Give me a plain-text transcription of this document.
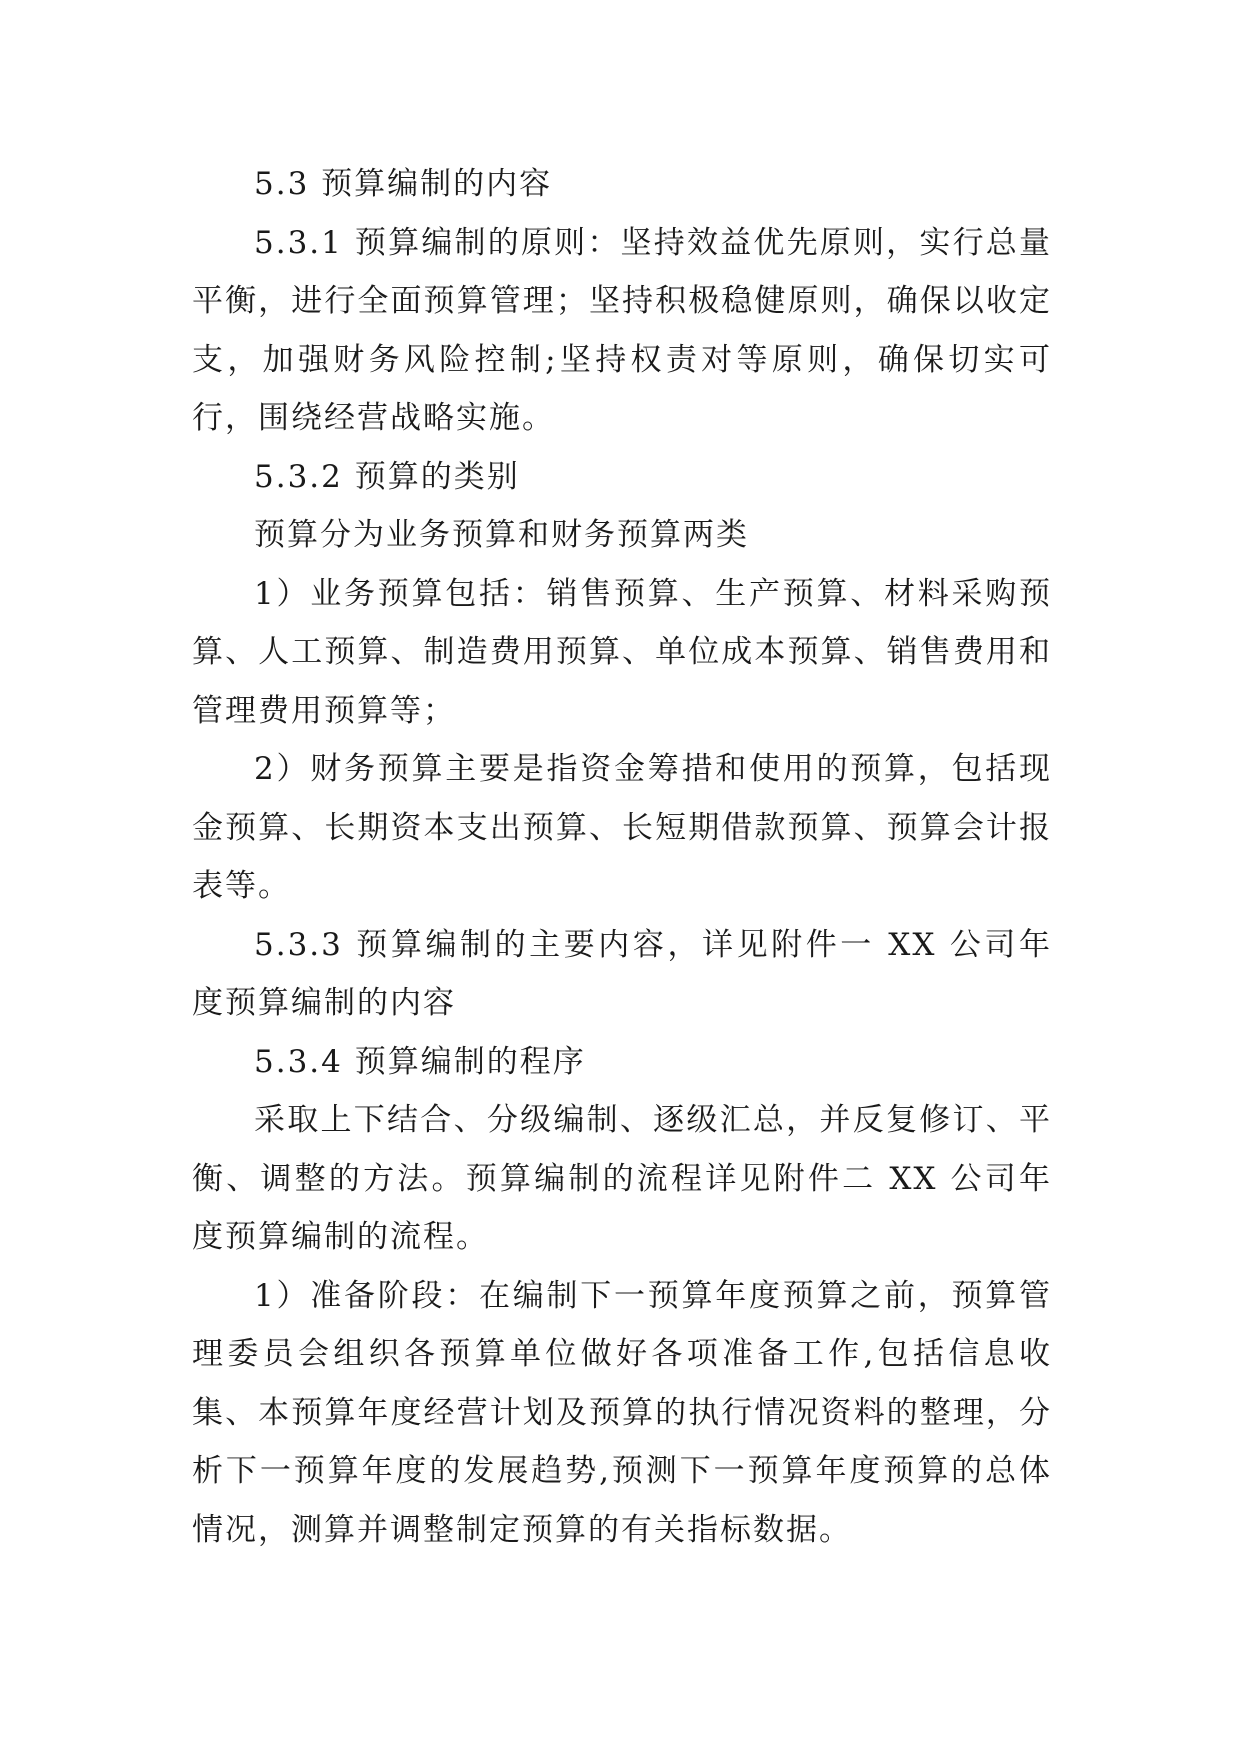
5.3 预算编制的内容

5.3.1 预算编制的原则：坚持效益优先原则，实行总量平衡，进行全面预算管理；坚持积极稳健原则，确保以收定支，加强财务风险控制;坚持权责对等原则，确保切实可行，围绕经营战略实施。

5.3.2 预算的类别

预算分为业务预算和财务预算两类

1）业务预算包括：销售预算、生产预算、材料采购预算、人工预算、制造费用预算、单位成本预算、销售费用和管理费用预算等；

2）财务预算主要是指资金筹措和使用的预算，包括现金预算、长期资本支出预算、长短期借款预算、预算会计报表等。

5.3.3 预算编制的主要内容，详见附件一 XX 公司年度预算编制的内容

5.3.4 预算编制的程序

采取上下结合、分级编制、逐级汇总，并反复修订、平衡、调整的方法。预算编制的流程详见附件二 XX 公司年度预算编制的流程。

1）准备阶段：在编制下一预算年度预算之前，预算管理委员会组织各预算单位做好各项准备工作,包括信息收集、本预算年度经营计划及预算的执行情况资料的整理，分析下一预算年度的发展趋势,预测下一预算年度预算的总体情况，测算并调整制定预算的有关指标数据。
